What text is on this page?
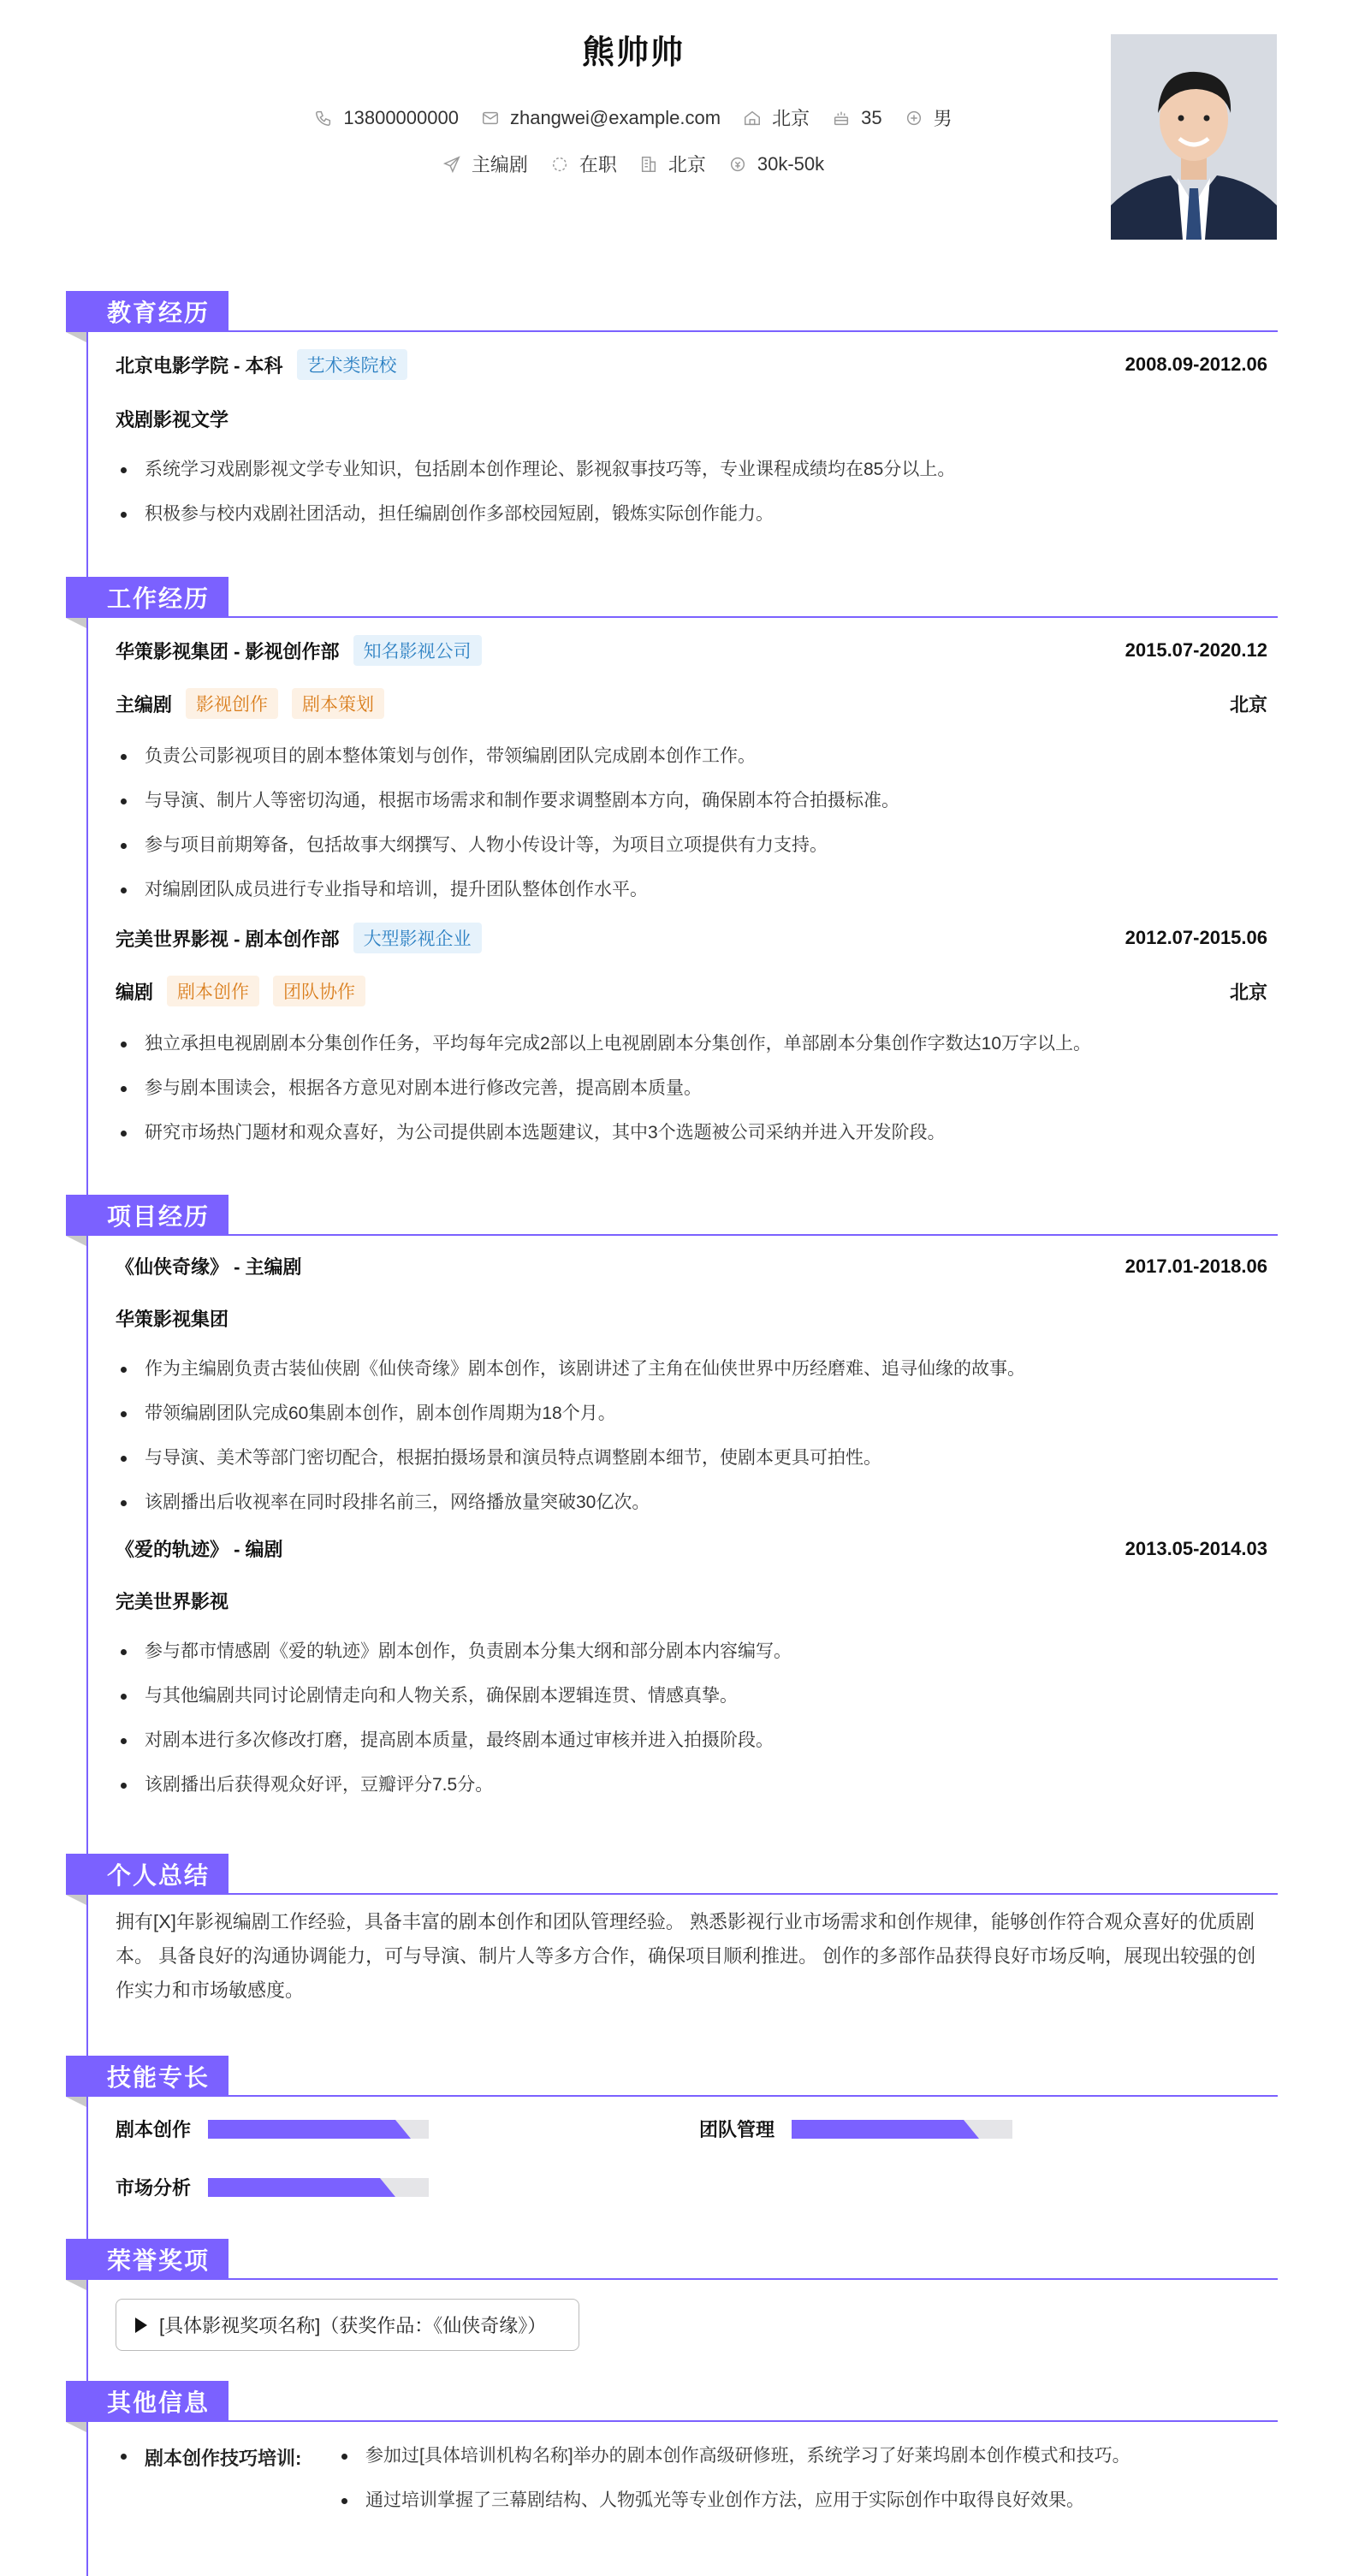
熊帅帅
13800000000	zhangwei@example.com	北京	35	男
主编剧	在职	北京	30k-50k
教育经历
北京电影学院 - 本科	艺术类院校	2008.09-2012.06
戏剧影视文学
系统学习戏剧影视文学专业知识，包括剧本创作理论、影视叙事技巧等，专业课程成绩均在85分以上。
积极参与校内戏剧社团活动，担任编剧创作多部校园短剧，锻炼实际创作能力。
工作经历
华策影视集团 - 影视创作部	知名影视公司	2015.07-2020.12
主编剧	影视创作	剧本策划	北京
负责公司影视项目的剧本整体策划与创作，带领编剧团队完成剧本创作工作。
与导演、制片人等密切沟通，根据市场需求和制作要求调整剧本方向，确保剧本符合拍摄标准。
参与项目前期筹备，包括故事大纲撰写、人物小传设计等，为项目立项提供有力支持。
对编剧团队成员进行专业指导和培训，提升团队整体创作水平。
完美世界影视 - 剧本创作部	大型影视企业	2012.07-2015.06
编剧	剧本创作	团队协作	北京
独立承担电视剧剧本分集创作任务，平均每年完成2部以上电视剧剧本分集创作，单部剧本分集创作字数达10万字以上。
参与剧本围读会，根据各方意见对剧本进行修改完善，提高剧本质量。
研究市场热门题材和观众喜好，为公司提供剧本选题建议，其中3个选题被公司采纳并进入开发阶段。
项目经历
《仙侠奇缘》 - 主编剧	2017.01-2018.06
华策影视集团
作为主编剧负责古装仙侠剧《仙侠奇缘》剧本创作，该剧讲述了主角在仙侠世界中历经磨难、追寻仙缘的故事。
带领编剧团队完成60集剧本创作，剧本创作周期为18个月。
与导演、美术等部门密切配合，根据拍摄场景和演员特点调整剧本细节，使剧本更具可拍性。
该剧播出后收视率在同时段排名前三，网络播放量突破30亿次。
《爱的轨迹》 - 编剧	2013.05-2014.03
完美世界影视
参与都市情感剧《爱的轨迹》剧本创作，负责剧本分集大纲和部分剧本内容编写。
与其他编剧共同讨论剧情走向和人物关系，确保剧本逻辑连贯、情感真挚。
对剧本进行多次修改打磨，提高剧本质量，最终剧本通过审核并进入拍摄阶段。
该剧播出后获得观众好评，豆瓣评分7.5分。
个人总结
拥有[X]年影视编剧工作经验，具备丰富的剧本创作和团队管理经验。 熟悉影视行业市场需求和创作规律，能够创作符合观众喜好的优质剧本。 具备良好的沟通协调能力，可与导演、制片人等多方合作，确保项目顺利推进。 创作的多部作品获得良好市场反响，展现出较强的创作实力和市场敏感度。
技能专长
剧本创作	团队管理
市场分析
荣誉奖项
[具体影视奖项名称]（获奖作品：《仙侠奇缘》）
其他信息
剧本创作技巧培训:	参加过[具体培训机构名称]举办的剧本创作高级研修班，系统学习了好莱坞剧本创作模式和技巧。
通过培训掌握了三幕剧结构、人物弧光等专业创作方法，应用于实际创作中取得良好效果。
